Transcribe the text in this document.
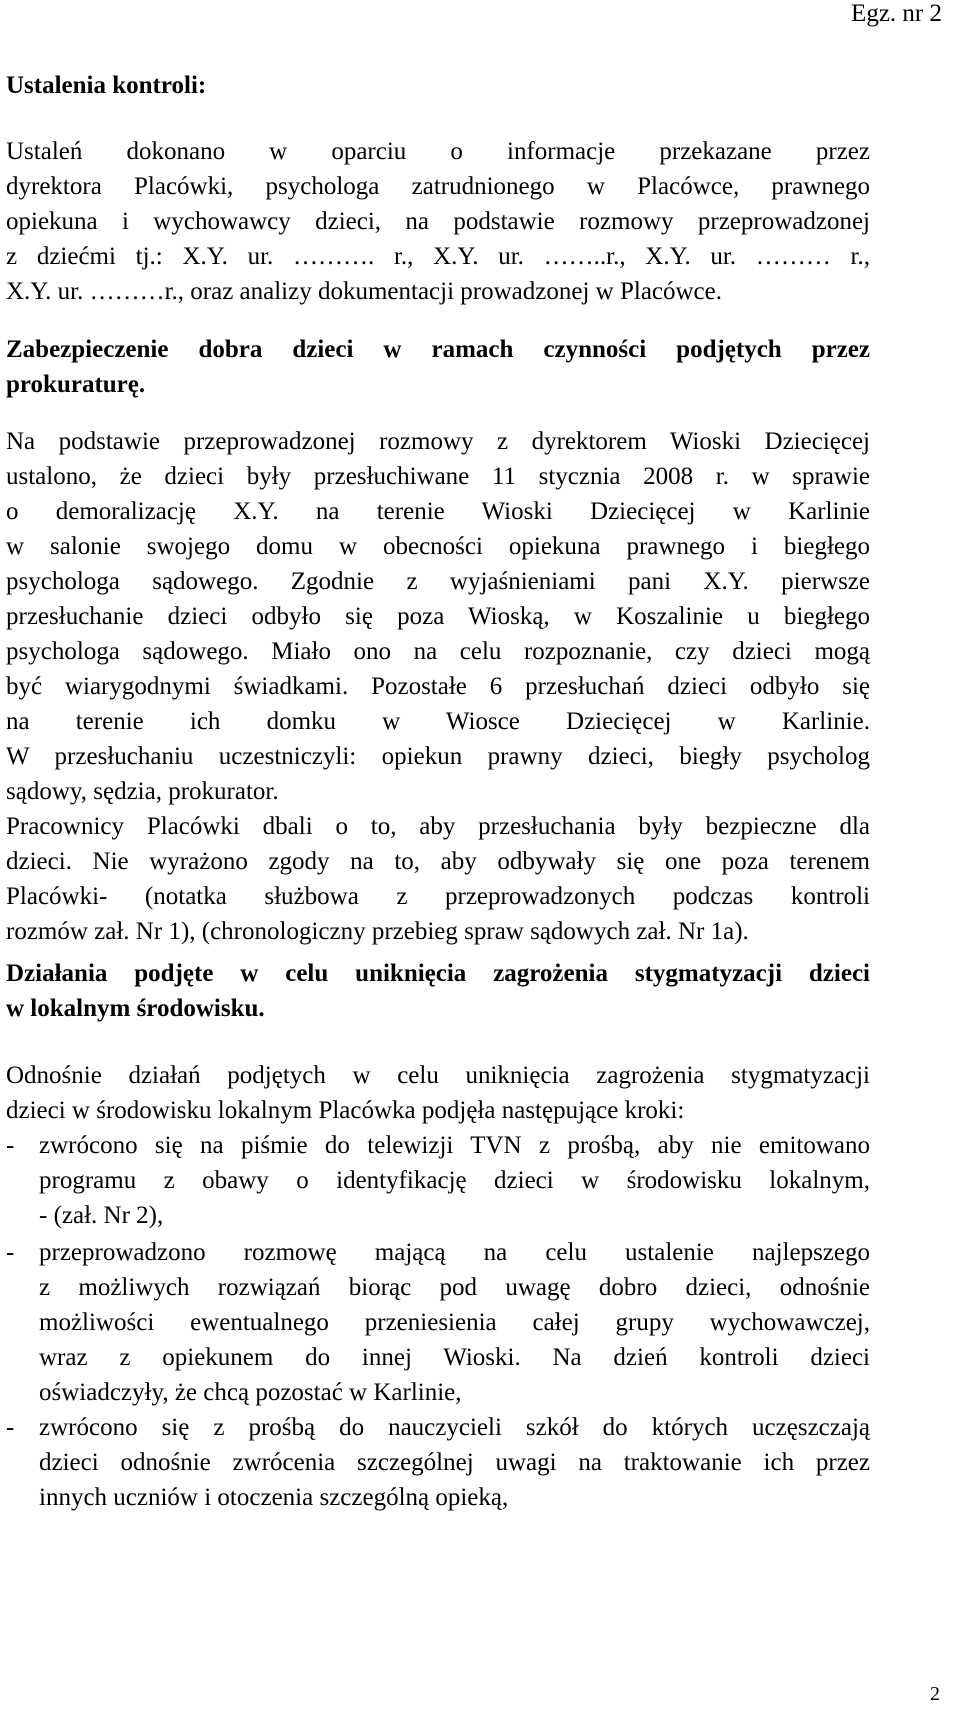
Egz. nr 2
Ustalenia kontroli:
Ustaleń dokonano w oparciu o informacje przekazane przez
dyrektora Placówki, psychologa zatrudnionego w Placówce, prawnego
opiekuna i wychowawcy dzieci, na podstawie rozmowy przeprowadzonej
z dziećmi tj.: X.Y. ur. ………. r., X.Y. ur. ……..r., X.Y. ur. ……… r.,
X.Y. ur. ………r., oraz analizy dokumentacji prowadzonej w Placówce.
Zabezpieczenie dobra dzieci w ramach czynności podjętych przez
prokuraturę.
Na podstawie przeprowadzonej rozmowy z dyrektorem Wioski Dziecięcej
ustalono, że dzieci były przesłuchiwane 11 stycznia 2008 r. w sprawie
o demoralizację X.Y. na terenie Wioski Dziecięcej w Karlinie
w salonie swojego domu w obecności opiekuna prawnego i biegłego
psychologa sądowego. Zgodnie z wyjaśnieniami pani X.Y. pierwsze
przesłuchanie dzieci odbyło się poza Wioską, w Koszalinie u biegłego
psychologa sądowego. Miało ono na celu rozpoznanie, czy dzieci mogą
być wiarygodnymi świadkami. Pozostałe 6 przesłuchań dzieci odbyło się
na terenie ich domku w Wiosce Dziecięcej w Karlinie.
W przesłuchaniu uczestniczyli: opiekun prawny dzieci, biegły psycholog
sądowy, sędzia, prokurator.
Pracownicy Placówki dbali o to, aby przesłuchania były bezpieczne dla
dzieci. Nie wyrażono zgody na to, aby odbywały się one poza terenem
Placówki- (notatka służbowa z przeprowadzonych podczas kontroli
rozmów zał. Nr 1), (chronologiczny przebieg spraw sądowych zał. Nr 1a).
Działania podjęte w celu uniknięcia zagrożenia stygmatyzacji dzieci
w lokalnym środowisku.
Odnośnie działań podjętych w celu uniknięcia zagrożenia stygmatyzacji
dzieci w środowisku lokalnym Placówka podjęła następujące kroki:
- zwrócono się na piśmie do telewizji TVN z prośbą, aby nie emitowano
programu z obawy o identyfikację dzieci w środowisku lokalnym,
- (zał. Nr 2),
- przeprowadzono rozmowę mającą na celu ustalenie najlepszego
z możliwych rozwiązań biorąc pod uwagę dobro dzieci, odnośnie
możliwości ewentualnego przeniesienia całej grupy wychowawczej,
wraz z opiekunem do innej Wioski. Na dzień kontroli dzieci
oświadczyły, że chcą pozostać w Karlinie,
- zwrócono się z prośbą do nauczycieli szkół do których uczęszczają
dzieci odnośnie zwrócenia szczególnej uwagi na traktowanie ich przez
innych uczniów i otoczenia szczególną opieką,
2
